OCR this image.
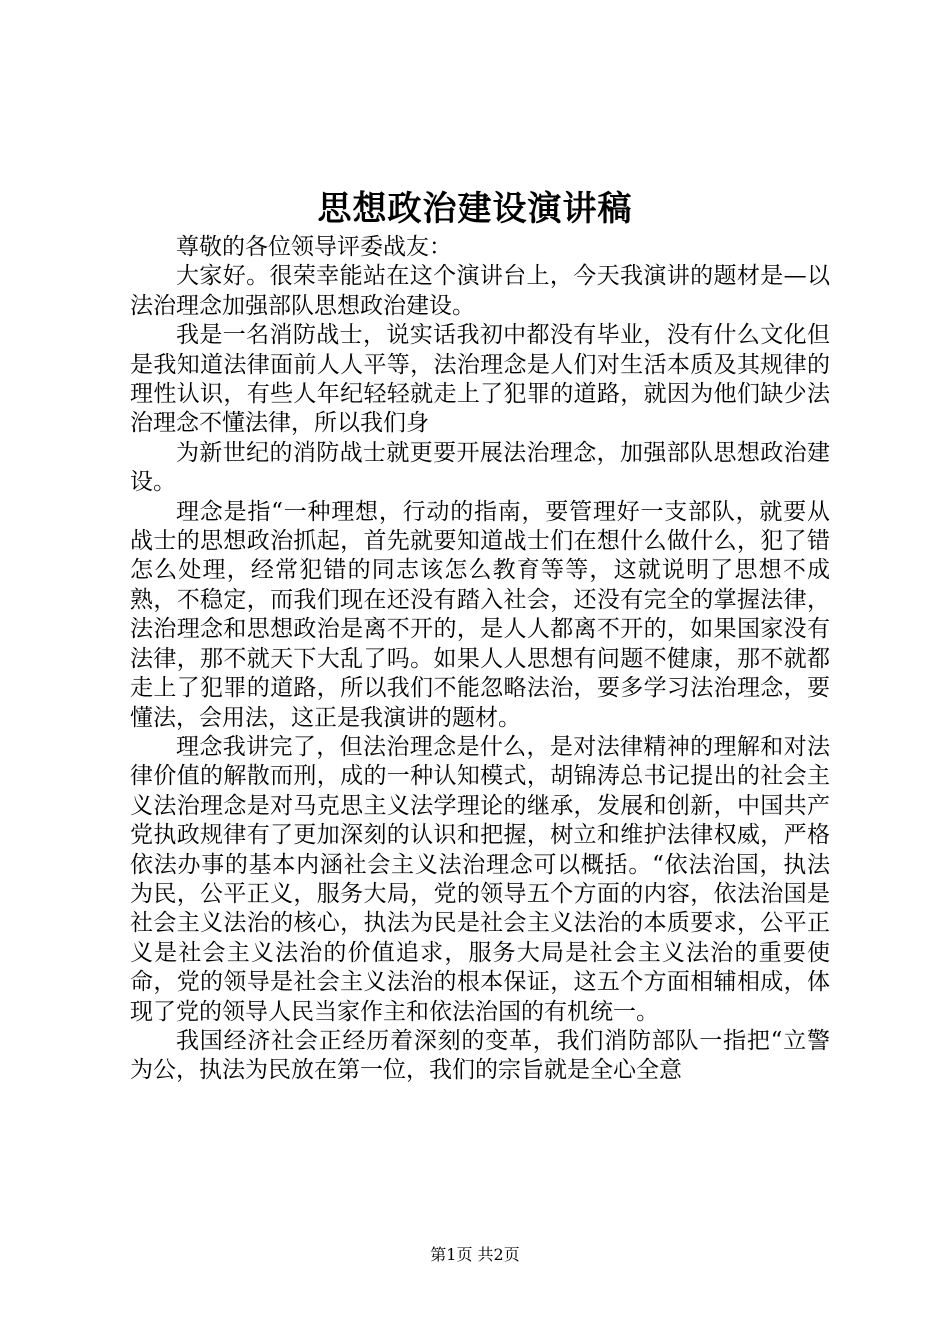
思想政治建设演讲稿

尊敬的各位领导评委战友：

大家好。很荣幸能站在这个演讲台上，今天我演讲的题材是—以法治理念加强部队思想政治建设。

我是一名消防战士，说实话我初中都没有毕业，没有什么文化但是我知道法律面前人人平等，法治理念是人们对生活本质及其规律的理性认识，有些人年纪轻轻就走上了犯罪的道路，就因为他们缺少法治理念不懂法律，所以我们身

为新世纪的消防战士就更要开展法治理念，加强部队思想政治建设。

理念是指“一种理想，行动的指南，要管理好一支部队，就要从战士的思想政治抓起，首先就要知道战士们在想什么做什么，犯了错怎么处理，经常犯错的同志该怎么教育等等，这就说明了思想不成熟，不稳定，而我们现在还没有踏入社会，还没有完全的掌握法律，法治理念和思想政治是离不开的，是人人都离不开的，如果国家没有法律，那不就天下大乱了吗。如果人人思想有问题不健康，那不就都走上了犯罪的道路，所以我们不能忽略法治，要多学习法治理念，要懂法，会用法，这正是我演讲的题材。

理念我讲完了，但法治理念是什么，是对法律精神的理解和对法律价值的解散而刑，成的一种认知模式，胡锦涛总书记提出的社会主义法治理念是对马克思主义法学理论的继承，发展和创新，中国共产党执政规律有了更加深刻的认识和把握，树立和维护法律权威，严格依法办事的基本内涵社会主义法治理念可以概括。“依法治国，执法为民，公平正义，服务大局，党的领导五个方面的内容，依法治国是社会主义法治的核心，执法为民是社会主义法治的本质要求，公平正义是社会主义法治的价值追求，服务大局是社会主义法治的重要使命，党的领导是社会主义法治的根本保证，这五个方面相辅相成，体现了党的领导人民当家作主和依法治国的有机统一。

我国经济社会正经历着深刻的变革，我们消防部队一指把“立警为公，执法为民放在第一位，我们的宗旨就是全心全意

第1页 共2页
